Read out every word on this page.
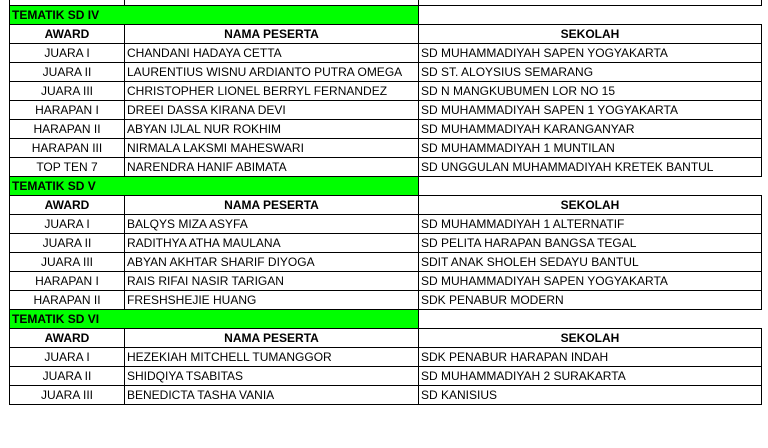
TEMATIK SD IV		
AWARD	NAMA PESERTA	SEKOLAH
JUARA I	CHANDANI HADAYA CETTA	SD MUHAMMADIYAH SAPEN YOGYAKARTA
JUARA II	LAURENTIUS WISNU ARDIANTO PUTRA OMEGA	SD ST. ALOYSIUS SEMARANG
JUARA III	CHRISTOPHER LIONEL BERRYL FERNANDEZ	SD N MANGKUBUMEN LOR NO 15
HARAPAN I	DREEI DASSA KIRANA DEVI	SD MUHAMMADIYAH SAPEN 1 YOGYAKARTA
HARAPAN II	ABYAN IJLAL NUR ROKHIM	SD MUHAMMADIYAH KARANGANYAR
HARAPAN III	NIRMALA LAKSMI MAHESWARI	SD MUHAMMADIYAH 1 MUNTILAN
TOP TEN 7	NARENDRA HANIF ABIMATA	SD UNGGULAN MUHAMMADIYAH KRETEK BANTUL
TEMATIK SD V		
AWARD	NAMA PESERTA	SEKOLAH
JUARA I	BALQYS MIZA ASYFA	SD MUHAMMADIYAH 1 ALTERNATIF
JUARA II	RADITHYA ATHA MAULANA	SD PELITA HARAPAN BANGSA TEGAL
JUARA III	ABYAN AKHTAR SHARIF DIYOGA	SDIT ANAK SHOLEH SEDAYU BANTUL
HARAPAN I	RAIS RIFAI NASIR TARIGAN	SD MUHAMMADIYAH SAPEN YOGYAKARTA
HARAPAN II	FRESHSHEJIE HUANG	SDK PENABUR MODERN
TEMATIK SD VI		
AWARD	NAMA PESERTA	SEKOLAH
JUARA I	HEZEKIAH MITCHELL TUMANGGOR	SDK PENABUR HARAPAN INDAH
JUARA II	SHIDQIYA TSABITAS	SD MUHAMMADIYAH 2 SURAKARTA
JUARA III	BENEDICTA TASHA VANIA	SD KANISIUS
